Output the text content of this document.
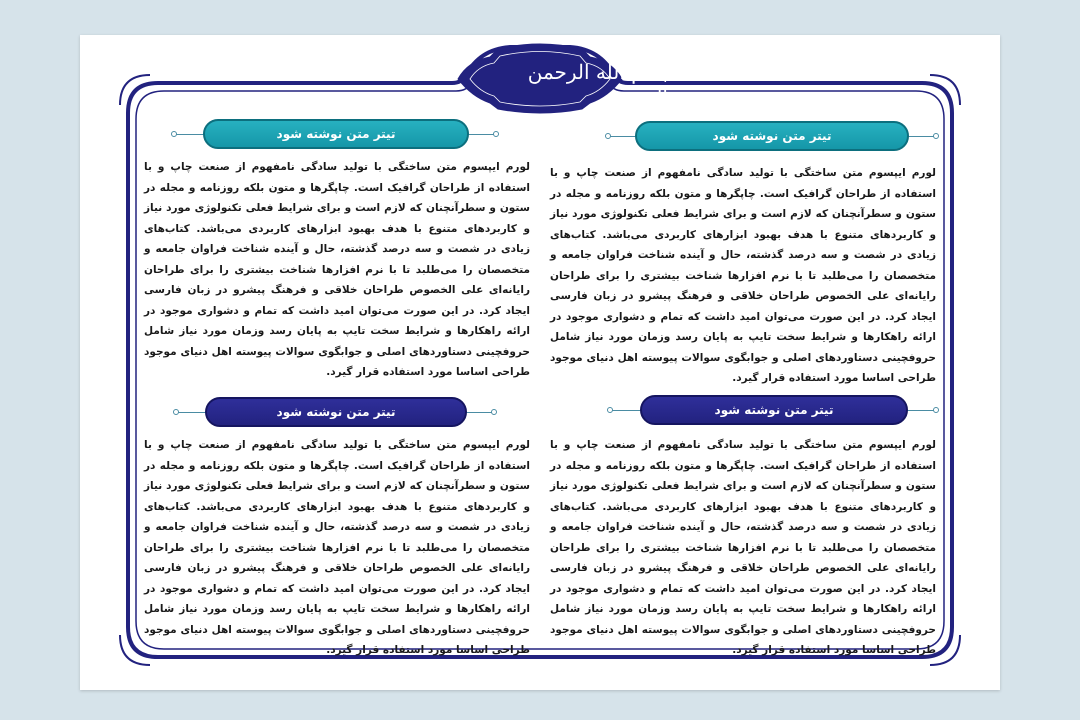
بسم الله الرحمن الرحیم
تیتر متن نوشته شود

لورم ایپسوم متن ساختگی با تولید سادگی نامفهوم از صنعت چاپ و با استفاده از طراحان گرافیک است. چاپگرها و متون بلکه روزنامه و مجله در ستون و سطرآنچنان که لازم است و برای شرایط فعلی تکنولوژی مورد نیاز و کاربردهای متنوع با هدف بهبود ابزارهای کاربردی می‌باشد. کتاب‌های زیادی در شصت و سه درصد گذشته، حال و آینده شناخت فراوان جامعه و متخصصان را می‌طلبد تا با نرم افزارها شناخت بیشتری را برای طراحان رایانه‌ای علی الخصوص طراحان خلاقی و فرهنگ پیشرو در زبان فارسی ایجاد کرد. در این صورت می‌توان امید داشت که تمام و دشواری موجود در ارائه راهکارها و شرایط سخت تایپ به پایان رسد وزمان مورد نیاز شامل حروفچینی دستاوردهای اصلی و جوابگوی سوالات پیوسته اهل دنیای موجود طراحی اساسا مورد استفاده قرار گیرد.

تیتر متن نوشته شود

لورم ایپسوم متن ساختگی با تولید سادگی نامفهوم از صنعت چاپ و با استفاده از طراحان گرافیک است. چاپگرها و متون بلکه روزنامه و مجله در ستون و سطرآنچنان که لازم است و برای شرایط فعلی تکنولوژی مورد نیاز و کاربردهای متنوع با هدف بهبود ابزارهای کاربردی می‌باشد. کتاب‌های زیادی در شصت و سه درصد گذشته، حال و آینده شناخت فراوان جامعه و متخصصان را می‌طلبد تا با نرم افزارها شناخت بیشتری را برای طراحان رایانه‌ای علی الخصوص طراحان خلاقی و فرهنگ پیشرو در زبان فارسی ایجاد کرد. در این صورت می‌توان امید داشت که تمام و دشواری موجود در ارائه راهکارها و شرایط سخت تایپ به پایان رسد وزمان مورد نیاز شامل حروفچینی دستاوردهای اصلی و جوابگوی سوالات پیوسته اهل دنیای موجود طراحی اساسا مورد استفاده قرار گیرد.

تیتر متن نوشته شود

لورم ایپسوم متن ساختگی با تولید سادگی نامفهوم از صنعت چاپ و با استفاده از طراحان گرافیک است. چاپگرها و متون بلکه روزنامه و مجله در ستون و سطرآنچنان که لازم است و برای شرایط فعلی تکنولوژی مورد نیاز و کاربردهای متنوع با هدف بهبود ابزارهای کاربردی می‌باشد. کتاب‌های زیادی در شصت و سه درصد گذشته، حال و آینده شناخت فراوان جامعه و متخصصان را می‌طلبد تا با نرم افزارها شناخت بیشتری را برای طراحان رایانه‌ای علی الخصوص طراحان خلاقی و فرهنگ پیشرو در زبان فارسی ایجاد کرد. در این صورت می‌توان امید داشت که تمام و دشواری موجود در ارائه راهکارها و شرایط سخت تایپ به پایان رسد وزمان مورد نیاز شامل حروفچینی دستاوردهای اصلی و جوابگوی سوالات پیوسته اهل دنیای موجود طراحی اساسا مورد استفاده قرار گیرد.

تیتر متن نوشته شود

لورم ایپسوم متن ساختگی با تولید سادگی نامفهوم از صنعت چاپ و با استفاده از طراحان گرافیک است. چاپگرها و متون بلکه روزنامه و مجله در ستون و سطرآنچنان که لازم است و برای شرایط فعلی تکنولوژی مورد نیاز و کاربردهای متنوع با هدف بهبود ابزارهای کاربردی می‌باشد. کتاب‌های زیادی در شصت و سه درصد گذشته، حال و آینده شناخت فراوان جامعه و متخصصان را می‌طلبد تا با نرم افزارها شناخت بیشتری را برای طراحان رایانه‌ای علی الخصوص طراحان خلاقی و فرهنگ پیشرو در زبان فارسی ایجاد کرد. در این صورت می‌توان امید داشت که تمام و دشواری موجود در ارائه راهکارها و شرایط سخت تایپ به پایان رسد وزمان مورد نیاز شامل حروفچینی دستاوردهای اصلی و جوابگوی سوالات پیوسته اهل دنیای موجود طراحی اساسا مورد استفاده قرار گیرد.
